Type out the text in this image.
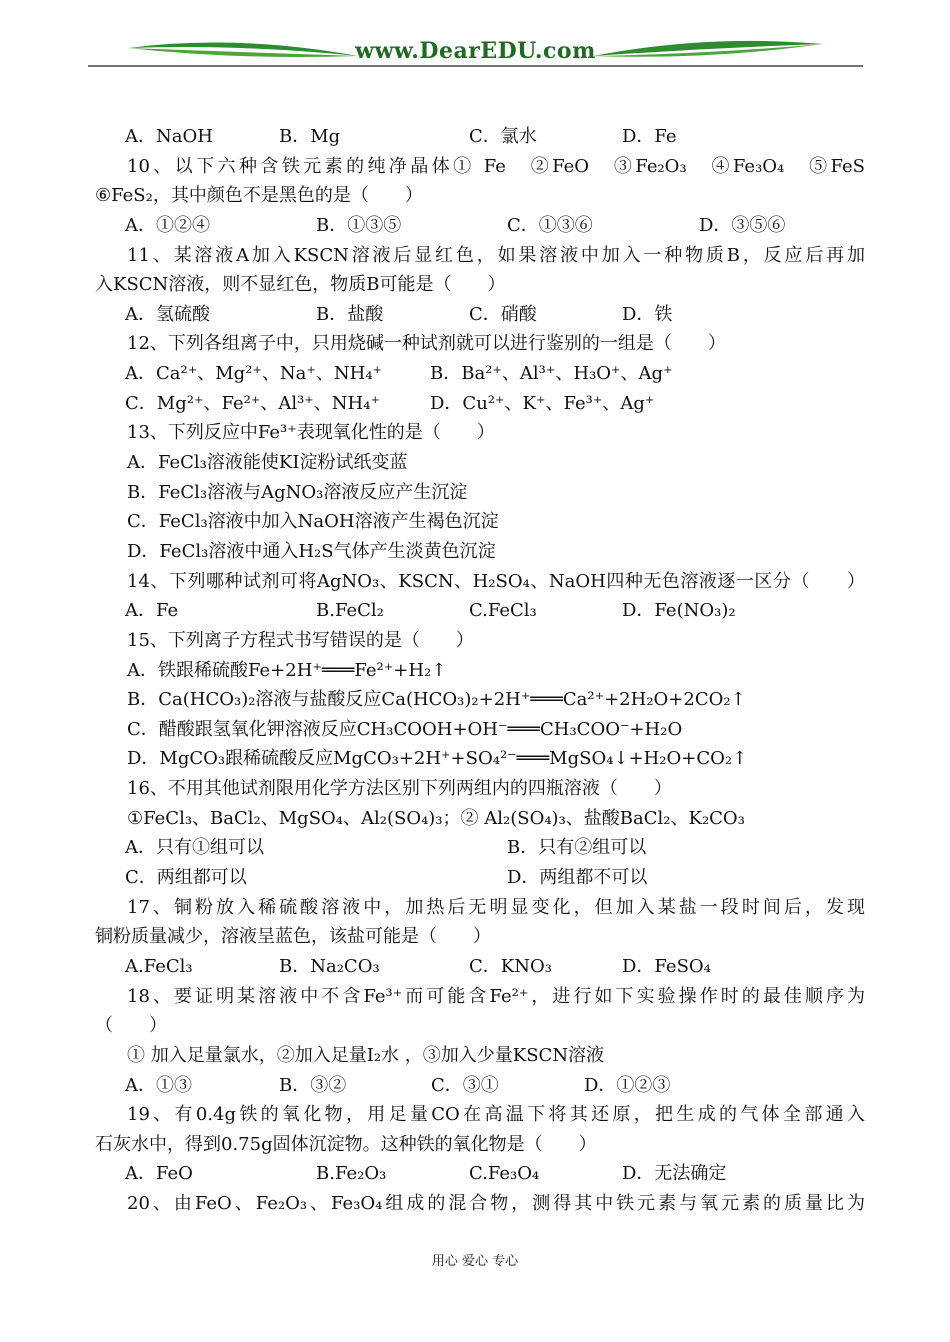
www.DearEDU.com
A．NaOH	B．Mg	C．氯水	D．Fe
10、以下六种含铁元素的纯净晶体① Fe　②FeO　③Fe₂O₃　④Fe₃O₄　⑤FeS
⑥FeS₂，其中颜色不是黑色的是（　　）
A．①②④	B．①③⑤	C．①③⑥	D．③⑤⑥
11、某溶液A加入KSCN溶液后显红色，如果溶液中加入一种物质B，反应后再加
入KSCN溶液，则不显红色，物质B可能是（　　）
A．氢硫酸	B．盐酸	C．硝酸	D．铁
12、下列各组离子中，只用烧碱一种试剂就可以进行鉴别的一组是（　　）
A．Ca²⁺、Mg²⁺、Na⁺、NH₄⁺	B．Ba²⁺、Al³⁺、H₃O⁺、Ag⁺
C．Mg²⁺、Fe²⁺、Al³⁺、NH₄⁺	D．Cu²⁺、K⁺、Fe³⁺、Ag⁺
13、下列反应中Fe³⁺表现氧化性的是（　　）
A．FeCl₃溶液能使KI淀粉试纸变蓝
B．FeCl₃溶液与AgNO₃溶液反应产生沉淀
C．FeCl₃溶液中加入NaOH溶液产生褐色沉淀
D．FeCl₃溶液中通入H₂S气体产生淡黄色沉淀
14、下列哪种试剂可将AgNO₃、KSCN、H₂SO₄、NaOH四种无色溶液逐一区分（　　）
A．Fe	B.FeCl₂	C.FeCl₃	D．Fe(NO₃)₂
15、下列离子方程式书写错误的是（　　）
A．铁跟稀硫酸Fe+2H⁺═══Fe²⁺+H₂↑
B．Ca(HCO₃)₂溶液与盐酸反应Ca(HCO₃)₂+2H⁺═══Ca²⁺+2H₂O+2CO₂↑
C．醋酸跟氢氧化钾溶液反应CH₃COOH+OH⁻═══CH₃COO⁻+H₂O
D．MgCO₃跟稀硫酸反应MgCO₃+2H⁺+SO₄²⁻═══MgSO₄↓+H₂O+CO₂↑
16、不用其他试剂限用化学方法区别下列两组内的四瓶溶液（　　）
①FeCl₃、BaCl₂、MgSO₄、Al₂(SO₄)₃；② Al₂(SO₄)₃、盐酸BaCl₂、K₂CO₃
A．只有①组可以	B．只有②组可以
C．两组都可以	D．两组都不可以
17、铜粉放入稀硫酸溶液中，加热后无明显变化，但加入某盐一段时间后，发现
铜粉质量减少，溶液呈蓝色，该盐可能是（　　）
A.FeCl₃	B．Na₂CO₃	C．KNO₃	D．FeSO₄
18、要证明某溶液中不含Fe³⁺而可能含Fe²⁺，进行如下实验操作时的最佳顺序为
（　　）
① 加入足量氯水，②加入足量I₂水 ，③加入少量KSCN溶液
A．①③	B．③②	C．③①	D．①②③
19、有0.4g铁的氧化物，用足量CO在高温下将其还原，把生成的气体全部通入
石灰水中，得到0.75g固体沉淀物。这种铁的氧化物是（　　）
A．FeO	B.Fe₂O₃	C.Fe₃O₄	D．无法确定
20、由FeO、Fe₂O₃、Fe₃O₄组成的混合物，测得其中铁元素与氧元素的质量比为
用心 爱心 专心
